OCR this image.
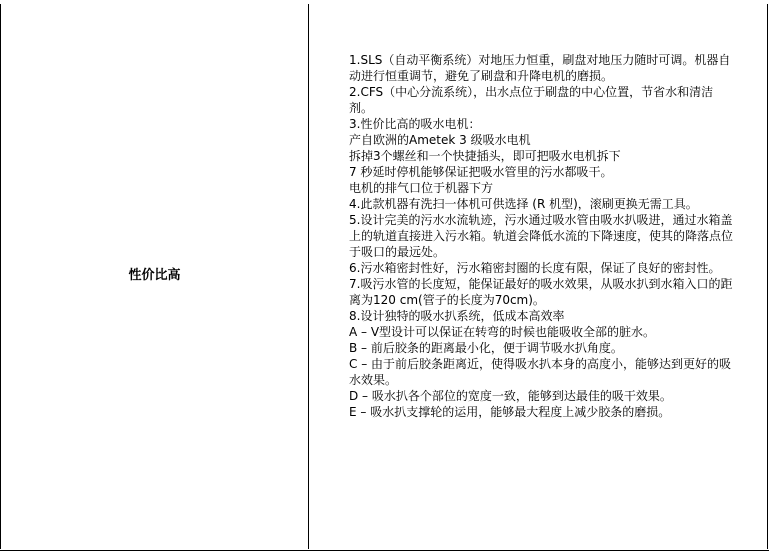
性价比高
1.SLS（自动平衡系统）对地压力恒重，刷盘对地压力随时可调。机器自动进行恒重调节，避免了刷盘和升降电机的磨损。
2.CFS（中心分流系统），出水点位于刷盘的中心位置，节省水和清洁剂。
3.性价比高的吸水电机：
产自欧洲的Ametek 3 级吸水电机
拆掉3个螺丝和一个快捷插头，即可把吸水电机拆下
7 秒延时停机能够保证把吸水管里的污水都吸干。
电机的排气口位于机器下方
4.此款机器有洗扫一体机可供选择 (R 机型)，滚刷更换无需工具。
5.设计完美的污水水流轨迹，污水通过吸水管由吸水扒吸进，通过水箱盖上的轨道直接进入污水箱。轨道会降低水流的下降速度，使其的降落点位于吸口的最远处。
6.污水箱密封性好，污水箱密封圈的长度有限，保证了良好的密封性。
7.吸污水管的长度短，能保证最好的吸水效果，从吸水扒到水箱入口的距离为120 cm(管子的长度为70cm)。
8.设计独特的吸水扒系统，低成本高效率
A – V型设计可以保证在转弯的时候也能吸收全部的脏水。
B – 前后胶条的距离最小化，便于调节吸水扒角度。
C – 由于前后胶条距离近，使得吸水扒本身的高度小，能够达到更好的吸水效果。
D – 吸水扒各个部位的宽度一致，能够到达最佳的吸干效果。
E – 吸水扒支撑轮的运用，能够最大程度上减少胶条的磨损。
